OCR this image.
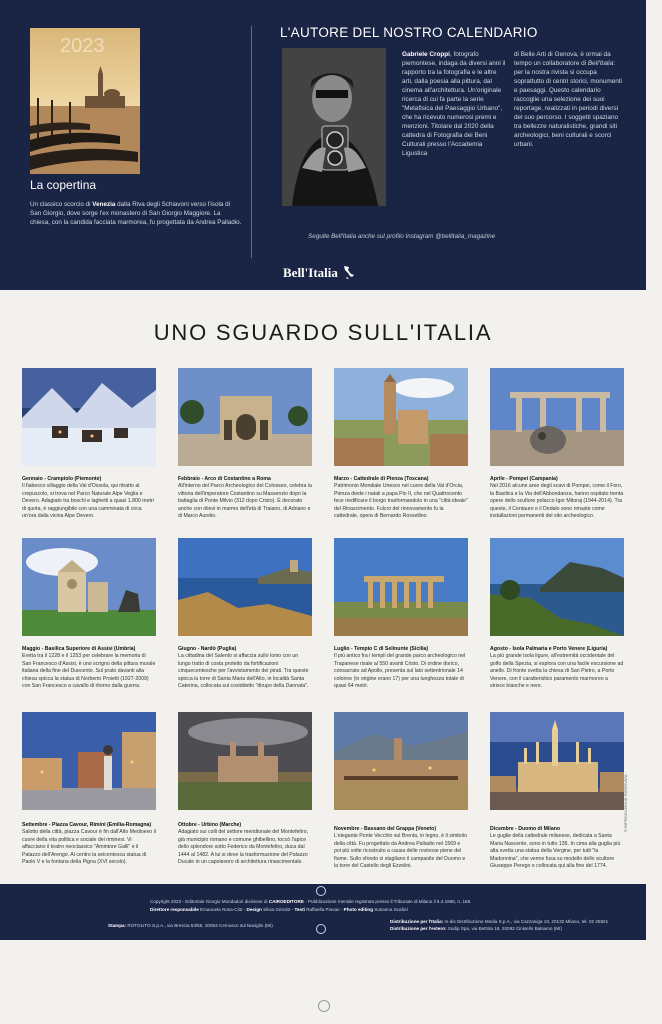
2023
La copertina
Un classico scorcio di Venezia dalla Riva degli Schiavoni verso l'isola di San Giorgio, dove sorge l'ex monastero di San Giorgio Maggiore. La chiesa, con la candida facciata marmorea, fu progettata da Andrea Palladio.
L'AUTORE DEL NOSTRO CALENDARIO
Gabriele Croppi, fotografo piemontese, indaga da diversi anni il rapporto tra la fotografia e le altre arti, dalla poesia alla pittura, dal cinema all'architettura. Un'originale ricerca di cui fa parte la serie "Metafisica del Paesaggio Urbano", che ha ricevuto numerosi premi e menzioni. Titolare dal 2020 della cattedra di Fotografia dei Beni Culturali presso l'Accademia Ligustica
di Belle Arti di Genova, è ormai da tempo un collaboratore di Bell'Italia: per la nostra rivista si occupa soprattutto di centri storici, monumenti e paesaggi. Questo calendario raccoglie una selezione dei suoi reportage, realizzati in periodi diversi del suo percorso. I soggetti spaziano tra bellezze naturalistiche, grandi siti archeologici, beni culturali e scorci urbani.
Seguite Bell'Italia anche sul profilo Instagram @bellitalia_magazine
Bell'Italia
UNO SGUARDO SULL'ITALIA
Gennaio - Crampiolo (Piemonte)
Il fiabesco villaggio della Val d'Ossola, qui ritratto al crepuscolo, si trova nel Parco Naturale Alpe Veglia e Devero. Adagiato tra boschi e laghetti a quasi 1.800 metri di quota, è raggiungibile con una camminata di circa un'ora dalla vicina Alpe Devero.
Febbraio - Arco di Costantino a Roma
All'interno del Parco Archeologico del Colosseo, celebra la vittoria dell'imperatore Costantino su Massenzio dopo la battaglia di Ponte Milvio (312 dopo Cristo). È decorato anche con rilievi in marmo dell'età di Traiano, di Adriano e di Marco Aurelio.
Marzo - Cattedrale di Pienza (Toscana)
Patrimonio Mondiale Unesco nel cuore della Val d'Orcia, Pienza diede i natali a papa Pio II, che nel Quattrocento fece riedificare il borgo trasformandolo in una "città ideale" del Rinascimento. Fulcro del rinnovamento fu la cattedrale, opera di Bernardo Rossellino.
Aprile - Pompei (Campania)
Nel 2016 alcune aree degli scavi di Pompei, come il Foro, la Basilica e la Via dell'Abbondanza, hanno ospitato trenta opere dello scultore polacco Igor Mitoraj (1944-2014). Tra queste, il Centauro e il Dedalo sono rimaste come installazioni permanenti del sito archeologico.
Maggio - Basilica Superiore di Assisi (Umbria)
Eretta tra il 1228 e il 1253 per celebrare la memoria di San Francesco d'Assisi, è uno scrigno della pittura murale italiana della fine del Duecento. Sul prato davanti alla chiesa spicca la statua di Norberto Proietti (1927-2009) con San Francesco a cavallo di ritorno dalla guerra.
Giugno - Nardò (Puglia)
La cittadina del Salento si affaccia sullo Ionio con un lungo tratto di costa protetto da fortificazioni cinquecentesche per l'avvistamento dei pirati. Tra queste spicca la torre di Santa Maria dell'Alto, in località Santa Caterina, collocata sul cosiddetto "dirupo della Dannata".
Luglio - Tempio C di Selinunte (Sicilia)
Il più antico fra i templi del grande parco archeologico nel Trapanese risale al 550 avanti Cristo. Di ordine dorico, consacrato ad Apollo, presenta sul lato settentrionale 14 colonne (in origine erano 17) per una lunghezza totale di quasi 64 metri.
Agosto - Isola Palmaria e Porto Venere (Liguria)
La più grande isola ligure, all'estremità occidentale del golfo della Spezia, si esplora con una facile escursione ad anello. Di fronte svetta la chiesa di San Pietro, a Porto Venere, con il caratteristico paramento marmoreo a strisce bianche e nere.
Settembre - Piazza Cavour, Rimini (Emilia-Romagna)
Salotto della città, piazza Cavour è fin dall'Alto Medioevo il cuore della vita politica e sociale dei riminesi. Vi affacciano il teatro neoclassico "Amintore Galli" e il Palazzo dell'Arengo. Al centro la seicentesca statua di Paolo V e la fontana della Pigna (XVI secolo).
Ottobre - Urbino (Marche)
Adagiato sui colli del settore meridionale del Montefeltro, già municipio romano e comune ghibellino, toccò l'apice dello splendore sotto Federico da Montefeltro, duca dal 1444 al 1482. A lui si deve la trasformazione del Palazzo Ducale in un capolavoro di architettura rinascimentale.
Novembre - Bassano del Grappa (Veneto)
L'elegante Ponte Vecchio sul Brenta, in legno, è il simbolo della città. Fu progettato da Andrea Palladio nel 1569 e poi più volte ricostruito a causa delle rovinose piene del fiume. Sullo sfondo si stagliano il campanile del Duomo e la torre del Castello degli Ezzelini.
Dicembre - Duomo di Milano
Le guglie della cattedrale milanese, dedicata a Santa Maria Nascente, sono in tutto 135. In cima alla guglia più alta svetta una statua della Vergine, per tutti "la Madonnina", che venne fusa su modello dello scultore Giuseppe Perego e collocata qui alla fine del 1774.
© RIPRODUZIONE RISERVATA
Copyright 2022 - Editoriale Giorgio Mondadori divisione di CAIROEDITORE - Pubblicazione mensile registrata presso il Tribunale di Milano il 5.4.1986, n. 169.
Direttore responsabile Emanuela Rosa-Clot - Design Silvia Gerolot - Testi Raffaella Piovan - Photo editing Susanna Scafuri
Stampa: ROTOLITO S.p.A., via Brescia 53/55, 20063 Cernusco sul Naviglio (MI)
Distribuzione per l'Italia: m-dis Distribuzione Media S.p.A., via Cazzaniga 19, 20132 Milano, tel. 02 25821
Distribuzione per l'estero: Sodip Spa, via Bettola 18, 20092 Cinisello Balsamo (MI)
